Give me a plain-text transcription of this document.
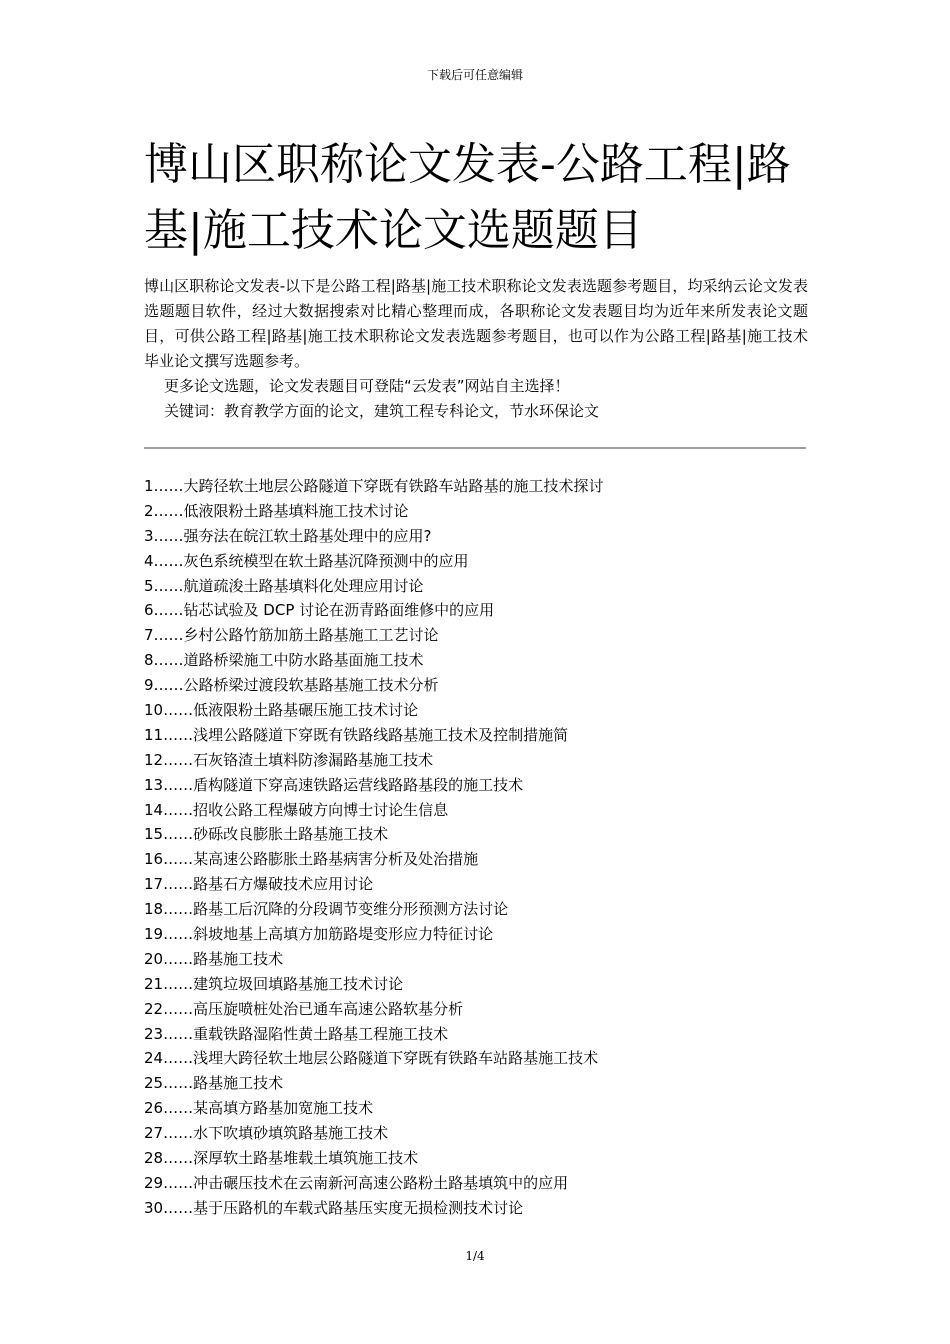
下载后可任意编辑
博山区职称论文发表-公路工程|路基|施工技术论文选题题目

博山区职称论文发表-以下是公路工程|路基|施工技术职称论文发表选题参考题目，均采纳云论文发表选题题目软件，经过大数据搜索对比精心整理而成，各职称论文发表题目均为近年来所发表论文题目，可供公路工程|路基|施工技术职称论文发表选题参考题目，也可以作为公路工程|路基|施工技术毕业论文撰写选题参考。

更多论文选题，论文发表题目可登陆“云发表”网站自主选择！
关键词：教育教学方面的论文，建筑工程专科论文，节水环保论文
1……大跨径软土地层公路隧道下穿既有铁路车站路基的施工技术探讨
2……低液限粉土路基填料施工技术讨论
3……强夯法在皖江软土路基处理中的应用?
4……灰色系统模型在软土路基沉降预测中的应用
5……航道疏浚土路基填料化处理应用讨论
6……钻芯试验及 DCP 讨论在沥青路面维修中的应用
7……乡村公路竹筋加筋土路基施工工艺讨论
8……道路桥梁施工中防水路基面施工技术
9……公路桥梁过渡段软基路基施工技术分析
10……低液限粉土路基碾压施工技术讨论
11……浅埋公路隧道下穿既有铁路线路基施工技术及控制措施简
12……石灰铬渣土填料防渗漏路基施工技术
13……盾构隧道下穿高速铁路运营线路路基段的施工技术
14……招收公路工程爆破方向博士讨论生信息
15……砂砾改良膨胀土路基施工技术
16……某高速公路膨胀土路基病害分析及处治措施
17……路基石方爆破技术应用讨论
18……路基工后沉降的分段调节变维分形预测方法讨论
19……斜坡地基上高填方加筋路堤变形应力特征讨论
20……路基施工技术
21……建筑垃圾回填路基施工技术讨论
22……高压旋喷桩处治已通车高速公路软基分析
23……重载铁路湿陷性黄土路基工程施工技术
24……浅埋大跨径软土地层公路隧道下穿既有铁路车站路基施工技术
25……路基施工技术
26……某高填方路基加宽施工技术
27……水下吹填砂填筑路基施工技术
28……深厚软土路基堆载土填筑施工技术
29……冲击碾压技术在云南新河高速公路粉土路基填筑中的应用
30……基于压路机的车载式路基压实度无损检测技术讨论
1/4
